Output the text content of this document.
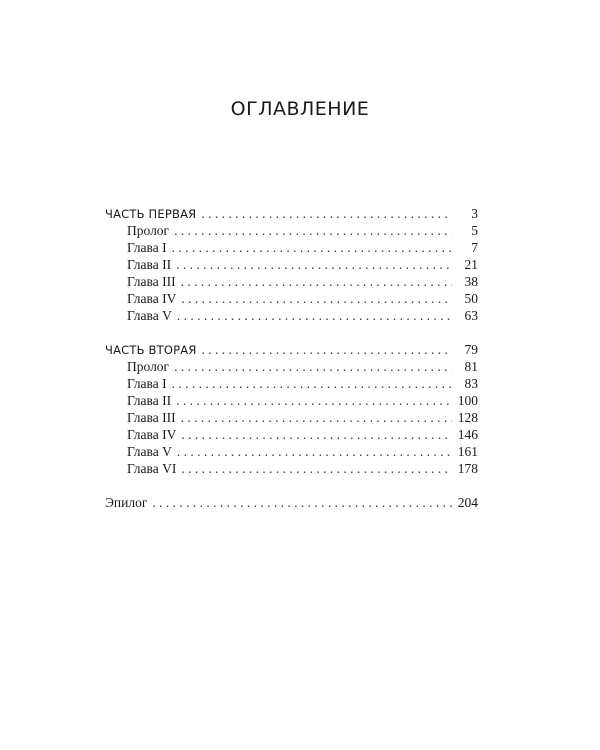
ОГЛАВЛЕНИЕ
ЧАСТЬ ПЕРВАЯ . . .	3
Пролог . . .	5
Глава I . . .	7
Глава II . . .	21
Глава III . . .	38
Глава IV . . .	50
Глава V . . .	63
ЧАСТЬ ВТОРАЯ . . .	79
Пролог . . .	81
Глава I . . .	83
Глава II . . .	100
Глава III . . .	128
Глава IV . . .	146
Глава V . . .	161
Глава VI . . .	178
Эпилог . . .	204
